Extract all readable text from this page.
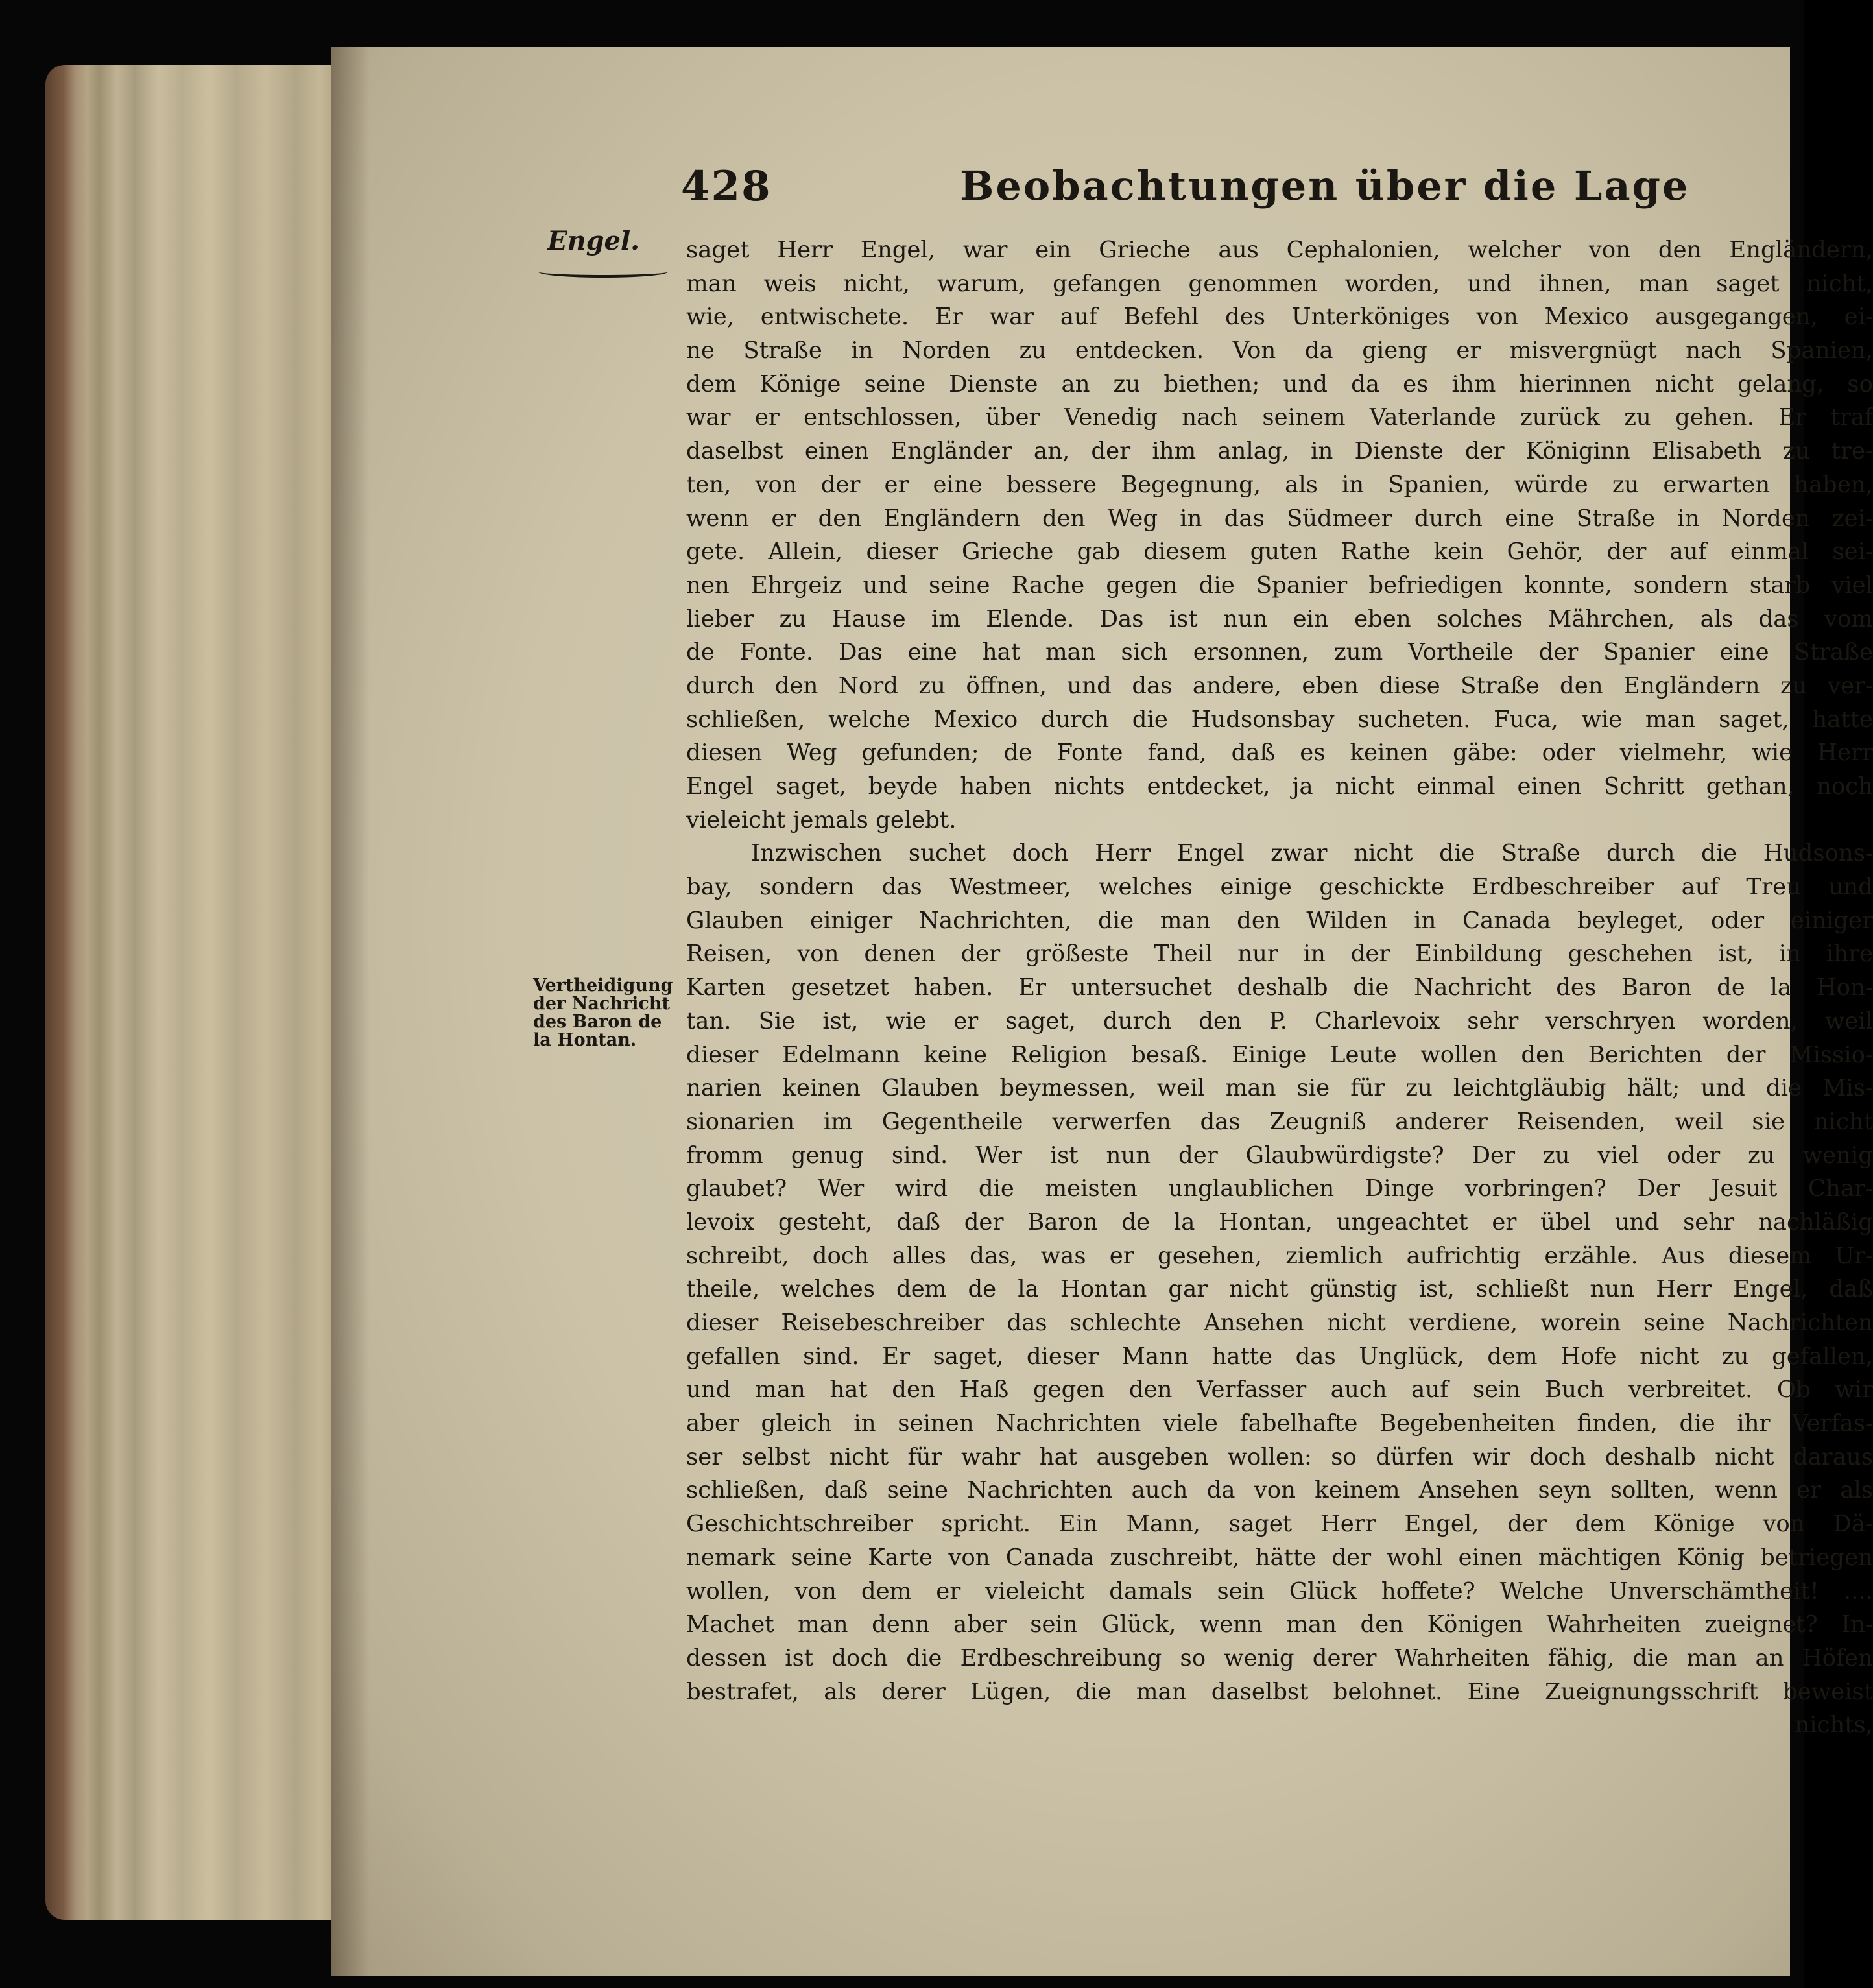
428	Beobachtungen über die Lage
Engel.
Vertheidigung
der Nachricht
des Baron de
la Hontan.
saget Herr Engel, war ein Grieche aus Cephalonien, welcher von den Engländern,
man weis nicht, warum, gefangen genommen worden, und ihnen, man saget nicht,
wie, entwischete. Er war auf Befehl des Unterköniges von Mexico ausgegangen, ei-
ne Straße in Norden zu entdecken. Von da gieng er misvergnügt nach Spanien,
dem Könige seine Dienste an zu biethen; und da es ihm hierinnen nicht gelang, so
war er entschlossen, über Venedig nach seinem Vaterlande zurück zu gehen. Er traf
daselbst einen Engländer an, der ihm anlag, in Dienste der Königinn Elisabeth zu tre-
ten, von der er eine bessere Begegnung, als in Spanien, würde zu erwarten haben,
wenn er den Engländern den Weg in das Südmeer durch eine Straße in Norden zei-
gete. Allein, dieser Grieche gab diesem guten Rathe kein Gehör, der auf einmal sei-
nen Ehrgeiz und seine Rache gegen die Spanier befriedigen konnte, sondern starb viel
lieber zu Hause im Elende. Das ist nun ein eben solches Mährchen, als das vom
de Fonte. Das eine hat man sich ersonnen, zum Vortheile der Spanier eine Straße
durch den Nord zu öffnen, und das andere, eben diese Straße den Engländern zu ver-
schließen, welche Mexico durch die Hudsonsbay sucheten. Fuca, wie man saget, hatte
diesen Weg gefunden; de Fonte fand, daß es keinen gäbe: oder vielmehr, wie Herr
Engel saget, beyde haben nichts entdecket, ja nicht einmal einen Schritt gethan, noch
vieleicht jemals gelebt.
Inzwischen suchet doch Herr Engel zwar nicht die Straße durch die Hudsons-
bay, sondern das Westmeer, welches einige geschickte Erdbeschreiber auf Treu und
Glauben einiger Nachrichten, die man den Wilden in Canada beyleget, oder einiger
Reisen, von denen der größeste Theil nur in der Einbildung geschehen ist, in ihre
Karten gesetzet haben. Er untersuchet deshalb die Nachricht des Baron de la Hon-
tan. Sie ist, wie er saget, durch den P. Charlevoix sehr verschryen worden, weil
dieser Edelmann keine Religion besaß. Einige Leute wollen den Berichten der Missio-
narien keinen Glauben beymessen, weil man sie für zu leichtgläubig hält; und die Mis-
sionarien im Gegentheile verwerfen das Zeugniß anderer Reisenden, weil sie nicht
fromm genug sind. Wer ist nun der Glaubwürdigste? Der zu viel oder zu wenig
glaubet? Wer wird die meisten unglaublichen Dinge vorbringen? Der Jesuit Char-
levoix gesteht, daß der Baron de la Hontan, ungeachtet er übel und sehr nachläßig
schreibt, doch alles das, was er gesehen, ziemlich aufrichtig erzähle. Aus diesem Ur-
theile, welches dem de la Hontan gar nicht günstig ist, schließt nun Herr Engel, daß
dieser Reisebeschreiber das schlechte Ansehen nicht verdiene, worein seine Nachrichten
gefallen sind. Er saget, dieser Mann hatte das Unglück, dem Hofe nicht zu gefallen,
und man hat den Haß gegen den Verfasser auch auf sein Buch verbreitet. Ob wir
aber gleich in seinen Nachrichten viele fabelhafte Begebenheiten finden, die ihr Verfas-
ser selbst nicht für wahr hat ausgeben wollen: so dürfen wir doch deshalb nicht daraus
schließen, daß seine Nachrichten auch da von keinem Ansehen seyn sollten, wenn er als
Geschichtschreiber spricht. Ein Mann, saget Herr Engel, der dem Könige von Dä-
nemark seine Karte von Canada zuschreibt, hätte der wohl einen mächtigen König betriegen
wollen, von dem er vieleicht damals sein Glück hoffete? Welche Unverschämtheit! ....
Machet man denn aber sein Glück, wenn man den Königen Wahrheiten zueignet? In-
dessen ist doch die Erdbeschreibung so wenig derer Wahrheiten fähig, die man an Höfen
bestrafet, als derer Lügen, die man daselbst belohnet. Eine Zueignungsschrift beweist
nichts,
